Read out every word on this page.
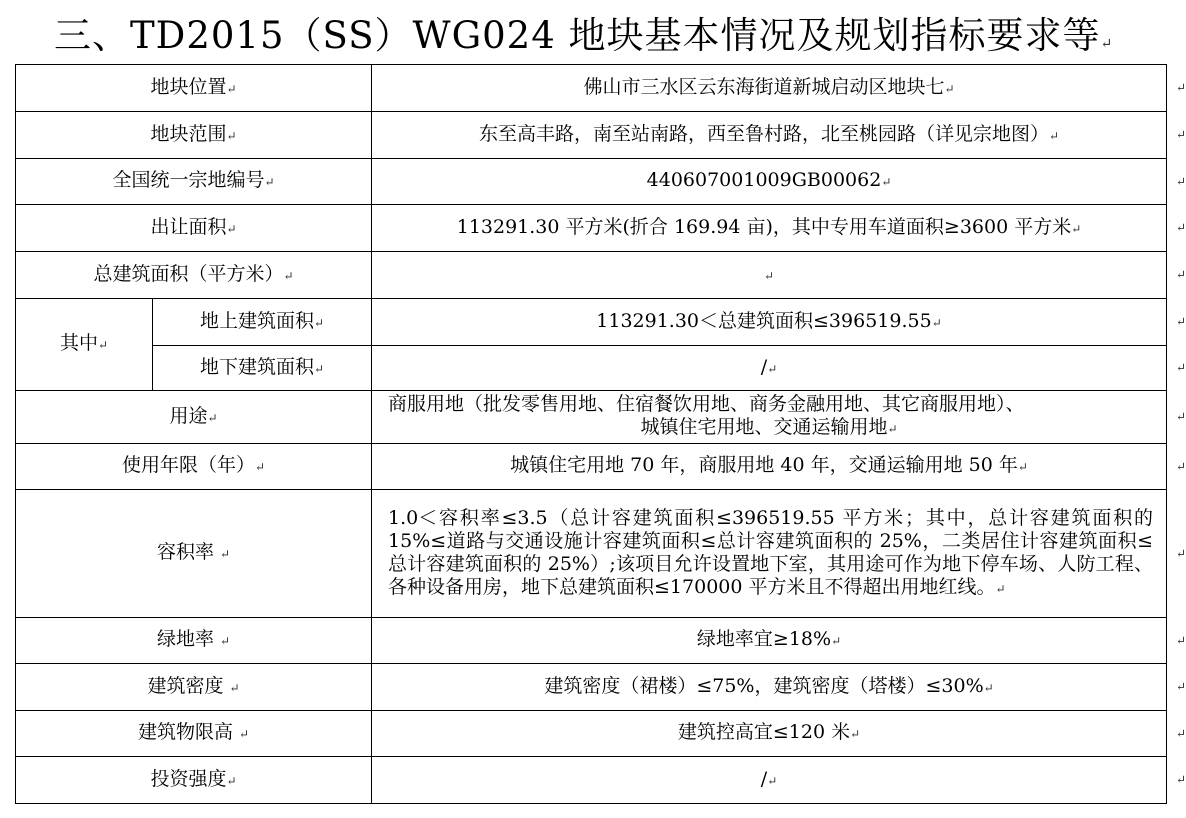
三、TD2015（SS）WG024 地块基本情况及规划指标要求等↵
地块位置↵		佛山市三水区云东海街道新城启动区地块七↵ ↵

地块范围↵		东至高丰路，南至站南路，西至鲁村路，北至桃园路（详见宗地图）↵ ↵

全国统一宗地编号↵		440607001009GB00062↵ ↵

出让面积↵		113291.30 平方米(折合 169.94 亩)，其中专用车道面积≥3600 平方米↵ ↵

总建筑面积（平方米）↵		↵ ↵

其中↵	地上建筑面积↵	113291.30＜总建筑面积≤396519.55↵ ↵

	地下建筑面积↵	/↵ ↵

用途↵		商服用地（批发零售用地、住宿餐饮用地、商务金融用地、其它商服用地）、
城镇住宅用地、交通运输用地↵
↵

使用年限（年）↵		城镇住宅用地 70 年，商服用地 40 年，交通运输用地 50 年↵ ↵

容积率 ↵		1.0＜容积率≤3.5（总计容建筑面积≤396519.55 平方米；其中，总计容建筑面积的 15%≤道路与交通设施计容建筑面积≤总计容建筑面积的 25%，二类居住计容建筑面积≤总计容建筑面积的 25%）;该项目允许设置地下室，其用途可作为地下停车场、人防工程、各种设备用房，地下总建筑面积≤170000 平方米且不得超出用地红线。↵
↵

绿地率 ↵		绿地率宜≥18%↵ ↵

建筑密度 ↵		建筑密度（裙楼）≤75%，建筑密度（塔楼）≤30%↵ ↵

建筑物限高 ↵		建筑控高宜≤120 米↵ ↵

投资强度↵		/↵ ↵
